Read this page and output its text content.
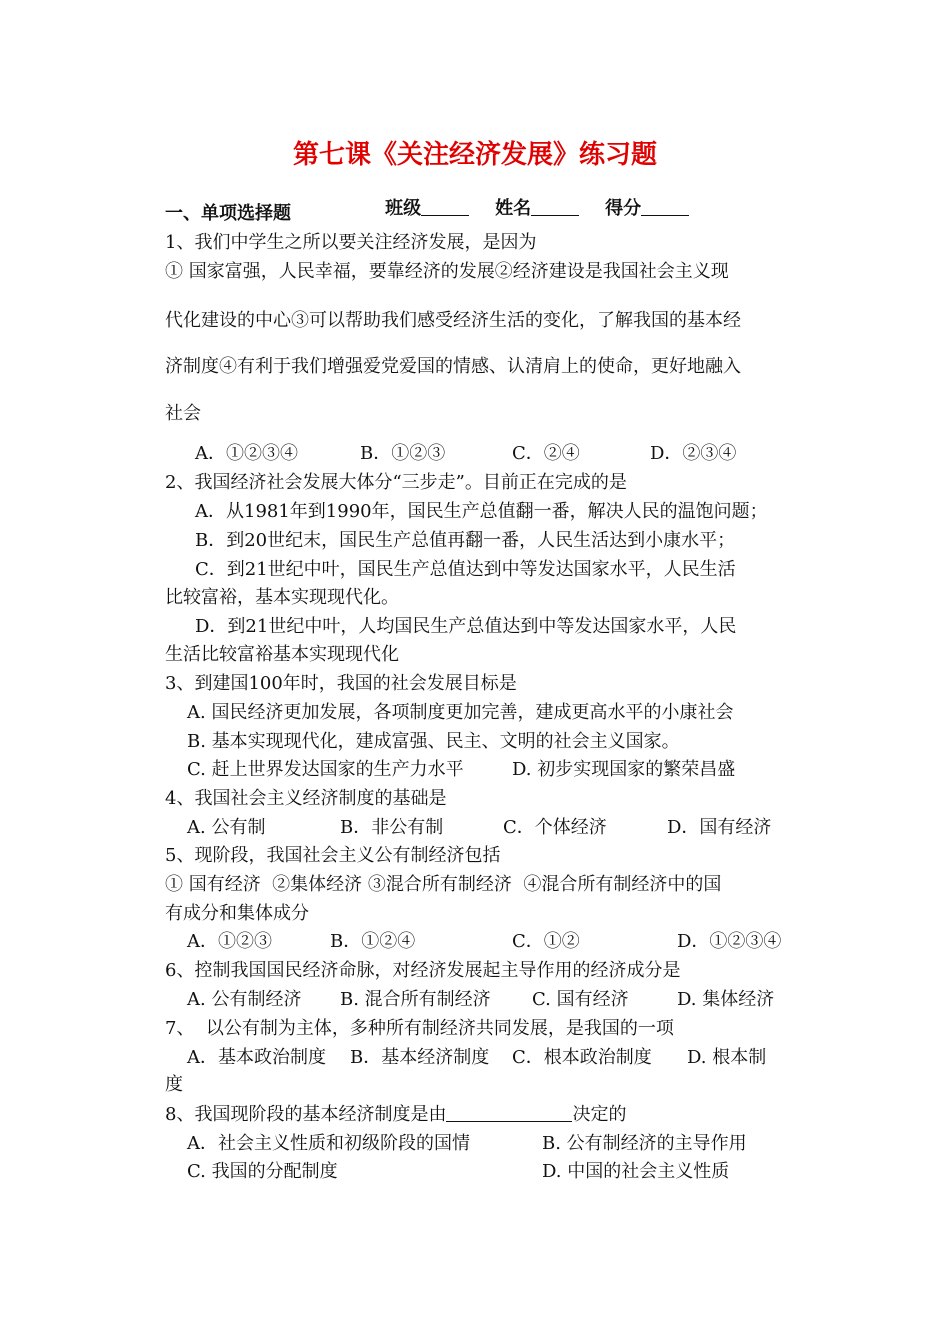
第七课《关注经济发展》练习题

班级	姓名	得分

一、单项选择题
1、我们中学生之所以要关注经济发展，是因为
① 国家富强，人民幸福，要靠经济的发展②经济建设是我国社会主义现
代化建设的中心③可以帮助我们感受经济生活的变化，了解我国的基本经
济制度④有利于我们增强爱党爱国的情感、认清肩上的使命，更好地融入
社会
A．①②③④	B．①②③	C．②④	D．②③④
2、我国经济社会发展大体分“三步走”。目前正在完成的是
A．从1981年到1990年，国民生产总值翻一番，解决人民的温饱问题；
B．到20世纪末，国民生产总值再翻一番，人民生活达到小康水平；
C．到21世纪中叶，国民生产总值达到中等发达国家水平，人民生活
比较富裕，基本实现现代化。
D．到21世纪中叶，人均国民生产总值达到中等发达国家水平，人民
生活比较富裕基本实现现代化
3、到建国100年时，我国的社会发展目标是
A. 国民经济更加发展，各项制度更加完善，建成更高水平的小康社会
B. 基本实现现代化，建成富强、民主、文明的社会主义国家。
C. 赶上世界发达国家的生产力水平	D. 初步实现国家的繁荣昌盛
4、我国社会主义经济制度的基础是
A. 公有制	B．非公有制	C．个体经济	D．国有经济
5、现阶段，我国社会主义公有制经济包括
① 国有经济  ②集体经济 ③混合所有制经济  ④混合所有制经济中的国
有成分和集体成分
A．①②③	B．①②④	C．①②	D．①②③④
6、控制我国国民经济命脉，对经济发展起主导作用的经济成分是
A. 公有制经济 B. 混合所有制经济 C. 国有经济	D. 集体经济
7、  以公有制为主体，多种所有制经济共同发展，是我国的一项
A．基本政治制度 B．基本经济制度 C．根本政治制度 D. 根本制
度
8、我国现阶段的基本经济制度是由	决定的
A．社会主义性质和初级阶段的国情	B. 公有制经济的主导作用
C. 我国的分配制度	D. 中国的社会主义性质
